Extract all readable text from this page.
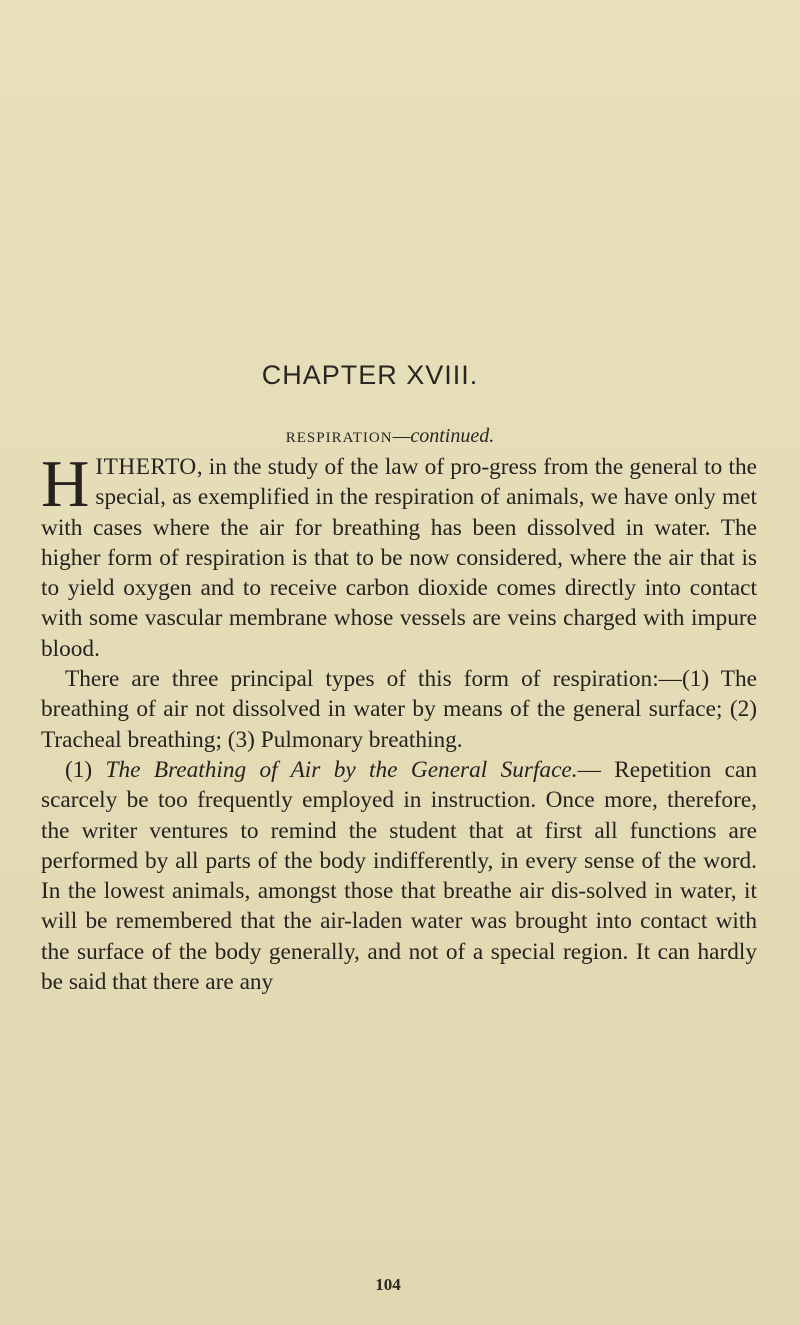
CHAPTER XVIII.
RESPIRATION—continued.

HITHERTO, in the study of the law of pro-gress from the general to the special, as exemplified in the respiration of animals, we have only met with cases where the air for breathing has been dissolved in water. The higher form of respiration is that to be now considered, where the air that is to yield oxygen and to receive carbon dioxide comes directly into contact with some vascular membrane whose vessels are veins charged with impure blood.

There are three principal types of this form of respiration:—(1) The breathing of air not dissolved in water by means of the general surface; (2) Tracheal breathing; (3) Pulmonary breathing.

(1) The Breathing of Air by the General Surface.— Repetition can scarcely be too frequently employed in instruction. Once more, therefore, the writer ventures to remind the student that at first all functions are performed by all parts of the body indifferently, in every sense of the word. In the lowest animals, amongst those that breathe air dis-solved in water, it will be remembered that the air-laden water was brought into contact with the surface of the body generally, and not of a special region. It can hardly be said that there are any

104
